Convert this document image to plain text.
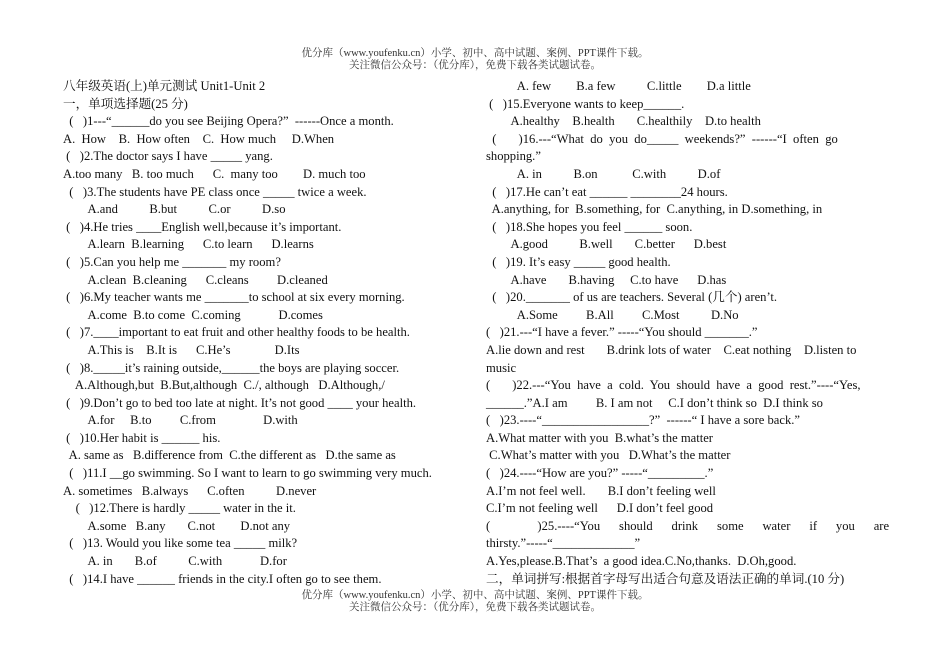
优分库（www.youfenku.cn）小学、初中、高中试题、案例、PPT课件下载。
关注微信公众号：（优分库），免费下载各类试题试卷。
八年级英语(上)单元测试 Unit1-Unit 2
一，单项选择题(25 分)
(   )1---“______do you see Beijing Opera?”  ------Once a month.
A.  How    B.  How often    C.  How much     D.When
(   )2.The doctor says I have _____ yang.
A.too many   B. too much      C.  many too        D. much too
(   )3.The students have PE class once _____ twice a week.
A.and          B.but          C.or          D.so
(   )4.He tries ____English well,because it’s important.
A.learn  B.learning      C.to learn      D.learns
(   )5.Can you help me _______ my room?
A.clean  B.cleaning      C.cleans         D.cleaned
(   )6.My teacher wants me _______to school at six every morning.
A.come  B.to come  C.coming            D.comes
(   )7.____important to eat fruit and other healthy foods to be health.
A.This is    B.It is      C.He’s              D.Its
(   )8._____it’s raining outside,______the boys are playing soccer.
A.Although,but  B.But,although  C./, although   D.Although,/
(   )9.Don’t go to bed too late at night. It’s not good ____ your health.
A.for     B.to         C.from               D.with
(   )10.Her habit is ______ his.
A. same as   B.difference from  C.the different as   D.the same as
(   )11.I __go swimming. So I want to learn to go swimming very much.
A. sometimes   B.always      C.often          D.never
(   )12.There is hardly _____ water in the it.
A.some   B.any       C.not        D.not any
(   )13. Would you like some tea _____ milk?
A. in       B.of          C.with            D.for
(   )14.I have ______ friends in the city.I often go to see them.
A. few        B.a few          C.little        D.a little
(   )15.Everyone wants to keep______.
A.healthy    B.health       C.healthily    D.to health
(       )16.---“What  do  you  do_____  weekends?”  ------“I  often  go
shopping.”
A. in          B.on           C.with          D.of
(   )17.He can’t eat ______ ________24 hours.
A.anything, for  B.something, for  C.anything, in D.something, in
(   )18.She hopes you feel ______ soon.
A.good          B.well       C.better      D.best
(   )19. It’s easy _____ good health.
A.have       B.having     C.to have      D.has
(   )20._______ of us are teachers. Several (几个) aren’t.
A.Some         B.All         C.Most          D.No
(   )21.---“I have a fever.” -----“You should _______.”
A.lie down and rest       B.drink lots of water    C.eat nothing    D.listen to
music
(       )22.---“You  have  a  cold.  You  should  have  a  good  rest.”----“Yes,
______.”A.I am         B. I am not     C.I don’t think so  D.I think so
(   )23.----“_________________?”  ------“ I have a sore back.”
A.What matter with you  B.what’s the matter
C.What’s matter with you   D.What’s the matter
(   )24.----“How are you?” -----“_________.”
A.I’m not feel well.       B.I don’t feeling well
C.I’m not feeling well      D.I don’t feel good
(               )25.----“You      should      drink      some      water      if      you      are
thirsty.”-----“_____________”
A.Yes,please.B.That’s  a good idea.C.No,thanks.  D.Oh,good.
二，单词拼写:根据首字母写出适合句意及语法正确的单词.(10 分)
优分库（www.youfenku.cn）小学、初中、高中试题、案例、PPT课件下载。
关注微信公众号：（优分库），免费下载各类试题试卷。
